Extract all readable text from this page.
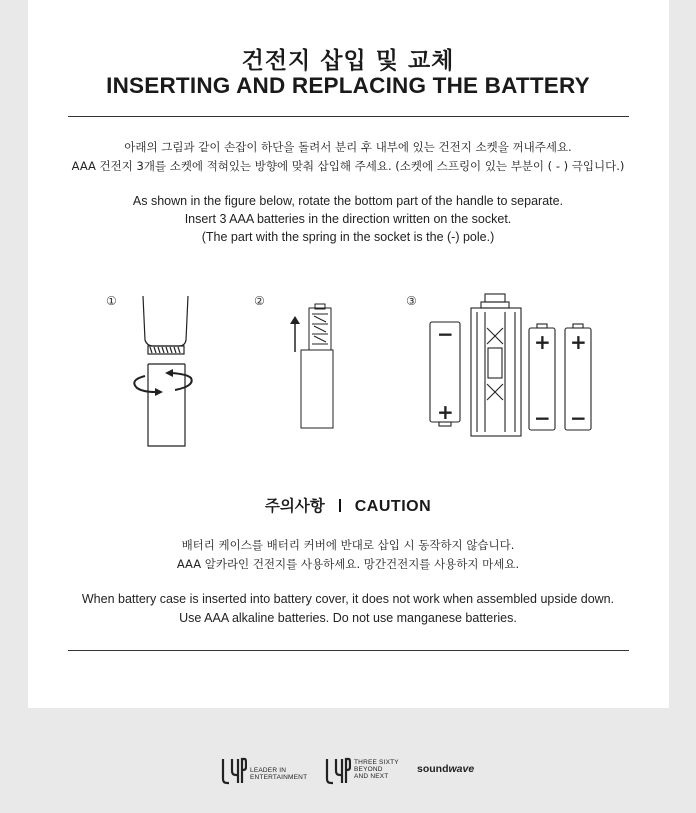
건전지 삽입 및 교체
INSERTING AND REPLACING THE BATTERY
아래의 그림과 같이 손잡이 하단을 돌려서 분리 후 내부에 있는 건전지 소켓을 꺼내주세요.
AAA 건전지 3개를 소켓에 적혀있는 방향에 맞춰 삽입해 주세요. (소켓에 스프링이 있는 부분이 ( - ) 극입니다.)
As shown in the figure below, rotate the bottom part of the handle to separate.
Insert 3 AAA batteries in the direction written on the socket.
(The part with the spring in the socket is the (-) pole.)
①	②	③
−
+
+
−
+
−
주의사항 CAUTION
배터리 케이스를 배터리 커버에 반대로 삽입 시 동작하지 않습니다.
AAA 알카라인 건전지를 사용하세요. 망간건전지를 사용하지 마세요.
When battery case is inserted into battery cover, it does not work when assembled upside down.
Use AAA alkaline batteries. Do not use manganese batteries.
LEADER IN
ENTERTAINMENT
THREE SIXTY
BEYOND
AND NEXT
soundwave
